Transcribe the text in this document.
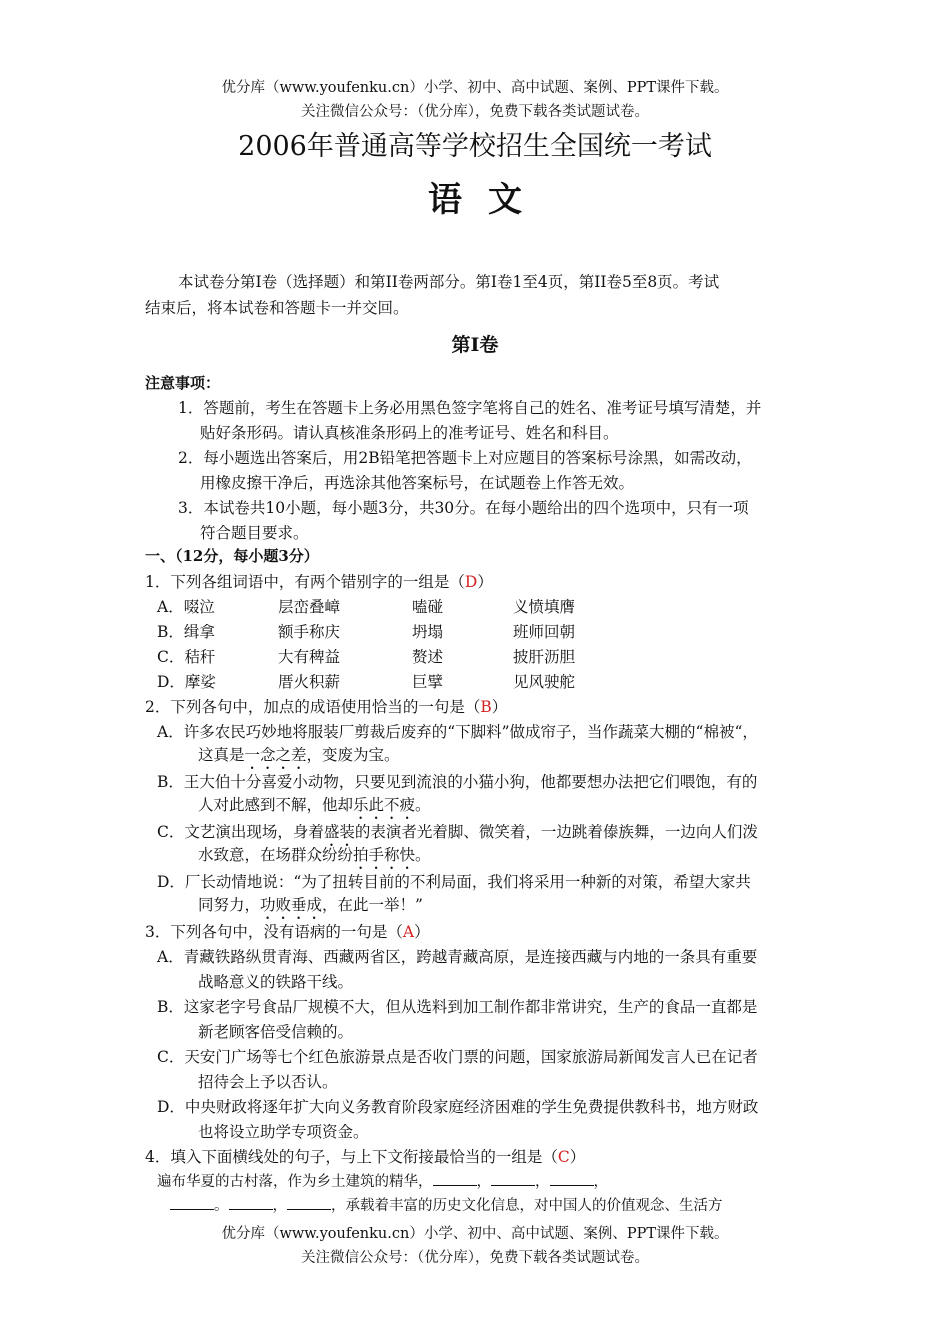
优分库（www.youfenku.cn）小学、初中、高中试题、案例、PPT课件下载。
关注微信公众号：（优分库），免费下载各类试题试卷。
2006年普通高等学校招生全国统一考试
语文
本试卷分第I卷（选择题）和第II卷两部分。第I卷1至4页，第II卷5至8页。考试
结束后，将本试卷和答题卡一并交回。
第I卷
注意事项：
1．答题前，考生在答题卡上务必用黑色签字笔将自己的姓名、准考证号填写清楚，并
贴好条形码。请认真核准条形码上的准考证号、姓名和科目。
2．每小题选出答案后，用2B铅笔把答题卡上对应题目的答案标号涂黑，如需改动，
用橡皮擦干净后，再选涂其他答案标号，在试题卷上作答无效。
3．本试卷共10小题，每小题3分，共30分。在每小题给出的四个选项中，只有一项
符合题目要求。
一、（12分，每小题3分）
1．下列各组词语中，有两个错别字的一组是（D）
A．啜泣	层峦叠嶂	嗑碰	义愤填膺
B．缉拿	额手称庆	坍塌	班师回朝
C．秸秆	大有稗益	赘述	披肝沥胆
D．摩娑	厝火积薪	巨擘	见风驶舵
2．下列各句中，加点的成语使用恰当的一句是（B）
A．许多农民巧妙地将服装厂剪裁后废弃的“下脚料”做成帘子，当作蔬菜大棚的“棉被“，
这真是一念之差，变废为宝。
B．王大伯十分喜爱小动物，只要见到流浪的小猫小狗，他都要想办法把它们喂饱，有的
人对此感到不解，他却乐此不疲。
C．文艺演出现场，身着盛装的表演者光着脚、微笑着，一边跳着傣族舞，一边向人们泼
水致意，在场群众纷纷拍手称快。
D．厂长动情地说：“为了扭转目前的不利局面，我们将采用一种新的对策，希望大家共
同努力，功败垂成，在此一举！”
3．下列各句中，没有语病的一句是（A）
A．青藏铁路纵贯青海、西藏两省区，跨越青藏高原，是连接西藏与内地的一条具有重要
战略意义的铁路干线。
B．这家老字号食品厂规模不大，但从选料到加工制作都非常讲究，生产的食品一直都是
新老顾客倍受信赖的。
C．天安门广场等七个红色旅游景点是否收门票的问题，国家旅游局新闻发言人已在记者
招待会上予以否认。
D．中央财政将逐年扩大向义务教育阶段家庭经济困难的学生免费提供教科书，地方财政
也将设立助学专项资金。
4．填入下面横线处的句子，与上下文衔接最恰当的一组是（C）
遍布华夏的古村落，作为乡土建筑的精华，	，	，	，
。	，	，承载着丰富的历史文化信息，对中国人的价值观念、生活方
优分库（www.youfenku.cn）小学、初中、高中试题、案例、PPT课件下载。
关注微信公众号：（优分库），免费下载各类试题试卷。
